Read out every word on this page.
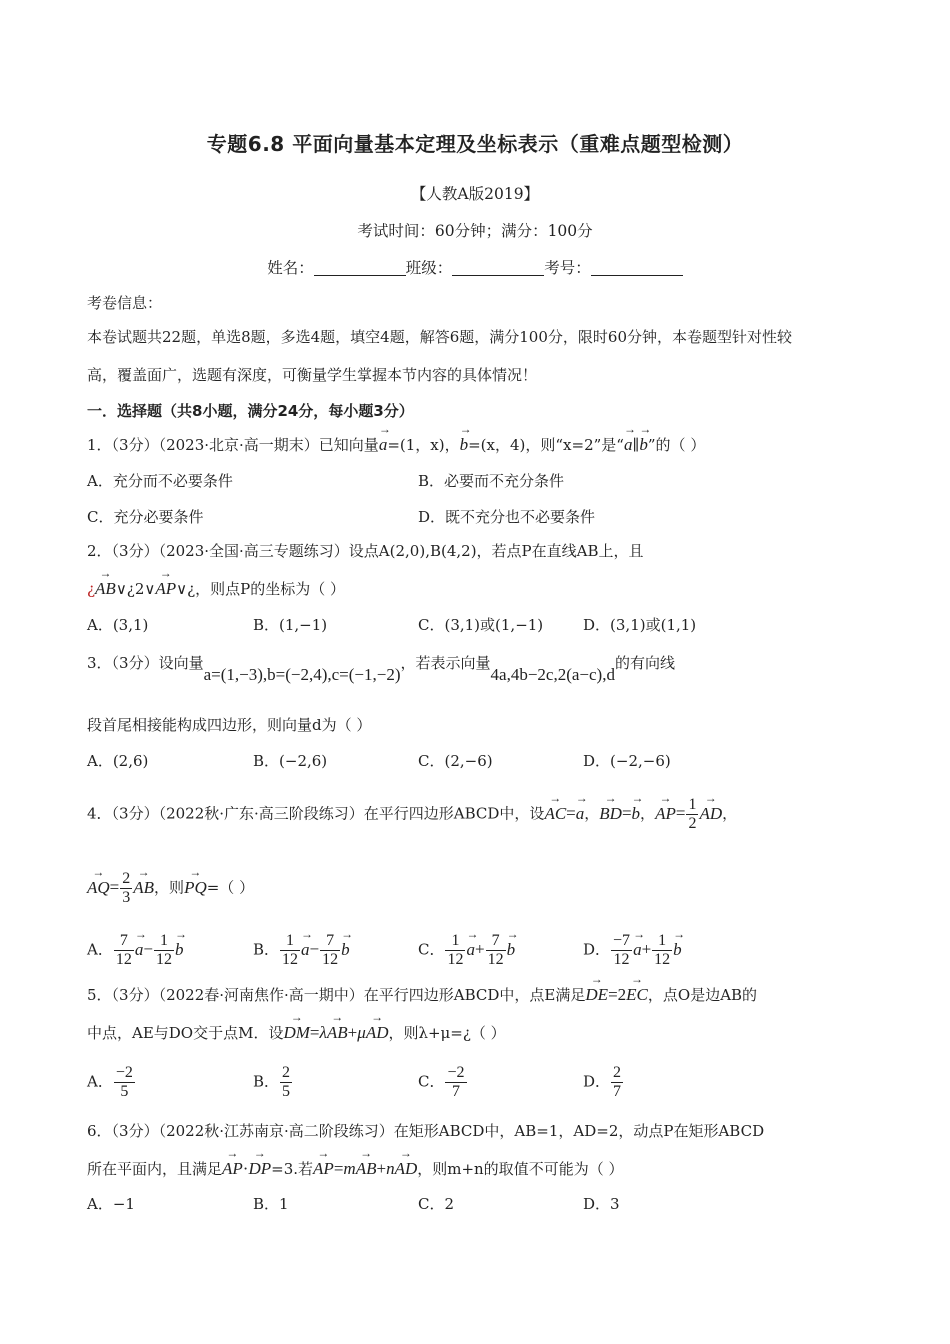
专题6.8 平面向量基本定理及坐标表示（重难点题型检测）
【人教A版2019】
考试时间：60分钟；满分：100分
姓名：	班级：	考号：
考卷信息：
本卷试题共22题，单选8题，多选4题，填空4题，解答6题，满分100分，限时60分钟，本卷题型针对性较
高，覆盖面广，选题有深度，可衡量学生掌握本节内容的具体情况！
一．选择题（共8小题，满分24分，每小题3分）
1．（3分）（2023·北京·高一期末）已知向量→ a=(1，x)，→ b=(x，4)，则“x=2”是“→ a∥→ b”的（ ）
A．充分而不必要条件	B．必要而不充分条件
C．充分必要条件	D．既不充分也不必要条件
2．（3分）（2023·全国·高三专题练习）设点A(2,0),B(4,2)，若点P在直线AB上，且
¿→ AB∨¿2∨→ AP∨¿，则点P的坐标为（ ）
A．(3,1)	B．(1,−1)	C．(3,1)或(1,−1)	D．(3,1)或(1,1)
3．（3分）设向量a=(1,−3),b=(−2,4),c=(−1,−2)，若表示向量4a,4b−2c,2(a−c),d的有向线
段首尾相接能构成四边形，则向量d为（ ）
A．(2,6)	B．(−2,6)	C．(2,−6)	D．(−2,−6)
4．（3分）（2022秋·广东·高三阶段练习）在平行四边形ABCD中，设→ AC=→ a，→ BD=→ b，→ $AP= \frac{1}{2}$
→ AD，
→ $AQ= \frac{2}{3}$
→ AB，则→ PQ=（ ）
A． $\frac{7}{12}$
→ $a- \frac{1}{12}$
→ b	B． $\frac{1}{12}$
→ $a- \frac{7}{12}$
→ b	C． $\frac{1}{12}$
→ $a+ \frac{7}{12}$
→ b	D． $\frac{-7}{12}$
→ $a+ \frac{1}{12}$
→ b
5．（3分）（2022春·河南焦作·高一期中）在平行四边形ABCD中，点E满足→ DE=2→ EC，点O是边AB的
中点，AE与DO交于点M．设→ DM=λ→ AB+μ→ AD，则λ+μ=¿（ ）
A． $\frac{-2}{5}$	B． $\frac{2}{5}$	C． $\frac{-2}{7}$	D． $\frac{2}{7}$
6．（3分）（2022秋·江苏南京·高二阶段练习）在矩形ABCD中，AB=1，AD=2，动点P在矩形ABCD
所在平面内，且满足→ AP·→ DP=3.若→ AP=m→ AB+n→ AD，则m+n的取值不可能为（ ）
A．−1	B．1	C．2	D．3
